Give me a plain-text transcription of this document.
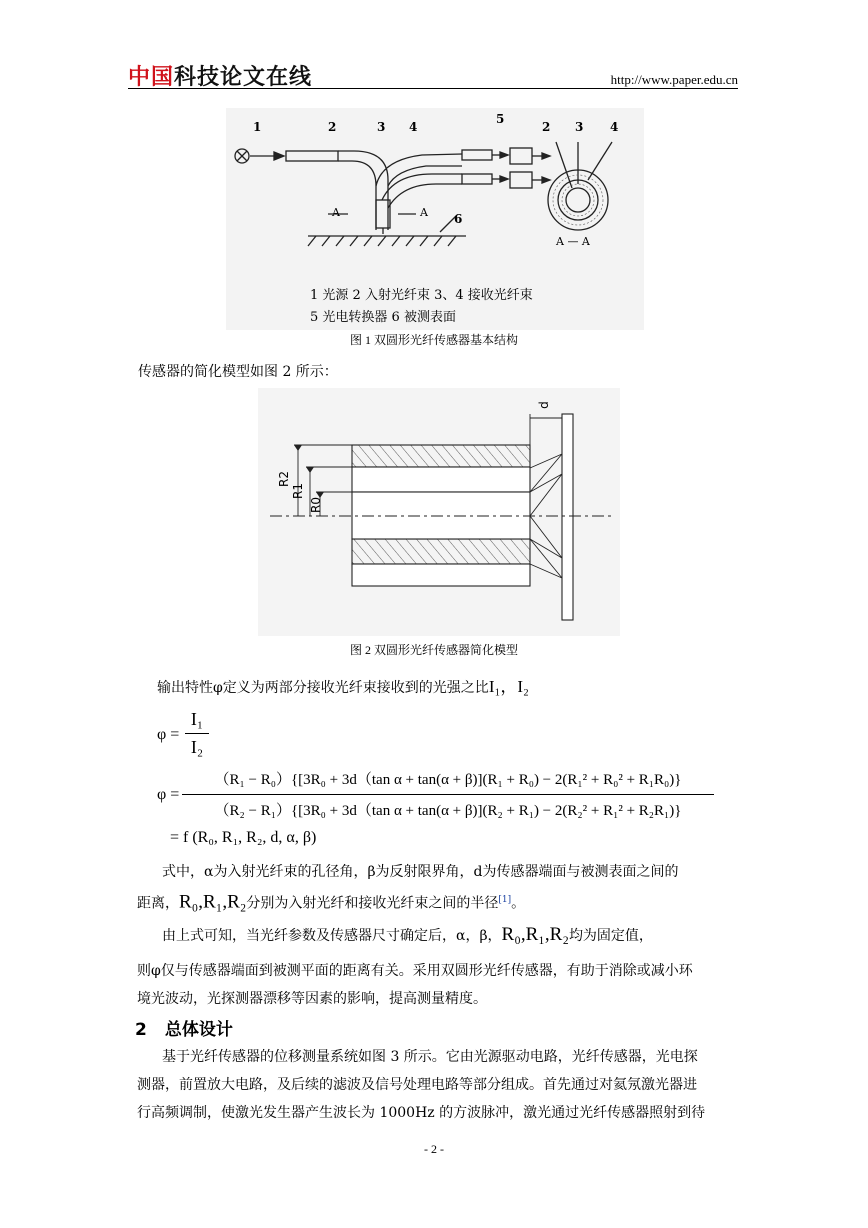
中国科技论文在线	http://www.paper.edu.cn
1	2	3 4
5
2 3 4
6
A	A
A — A
1 光源 2 入射光纤束 3、4 接收光纤束
5 光电转换器 6 被测表面
图 1 双圆形光纤传感器基本结构
传感器的简化模型如图 2 所示：
d
R2
R1
R0
图 2 双圆形光纤传感器简化模型
输出特性φ定义为两部分接收光纤束接收到的光强之比I₁，I₂
φ =
I₁
I₂
φ =
（R₁ − R₀）{[3R₀ + 3d（tan α + tan(α + β)](R₁ + R₀) − 2(R₁² + R₀² + R₁R₀)}
（R₂ − R₁）{[3R₀ + 3d（tan α + tan(α + β)](R₂ + R₁) − 2(R₂² + R₁² + R₂R₁)}
= f (R₀, R₁, R₂, d, α, β)
式中，α为入射光纤束的孔径角，β为反射限界角，d为传感器端面与被测表面之间的
距离，R₀,R₁,R₂分别为入射光纤和接收光纤束之间的半径[1]。
由上式可知，当光纤参数及传感器尺寸确定后，α，β，R₀,R₁,R₂均为固定值，
则φ仅与传感器端面到被测平面的距离有关。采用双圆形光纤传感器，有助于消除或减小环
境光波动，光探测器漂移等因素的影响，提高测量精度。
2 总体设计
基于光纤传感器的位移测量系统如图 3 所示。它由光源驱动电路，光纤传感器，光电探
测器，前置放大电路，及后续的滤波及信号处理电路等部分组成。首先通过对氦氖激光器进
行高频调制，使激光发生器产生波长为 1000Hz 的方波脉冲，激光通过光纤传感器照射到待
- 2 -
